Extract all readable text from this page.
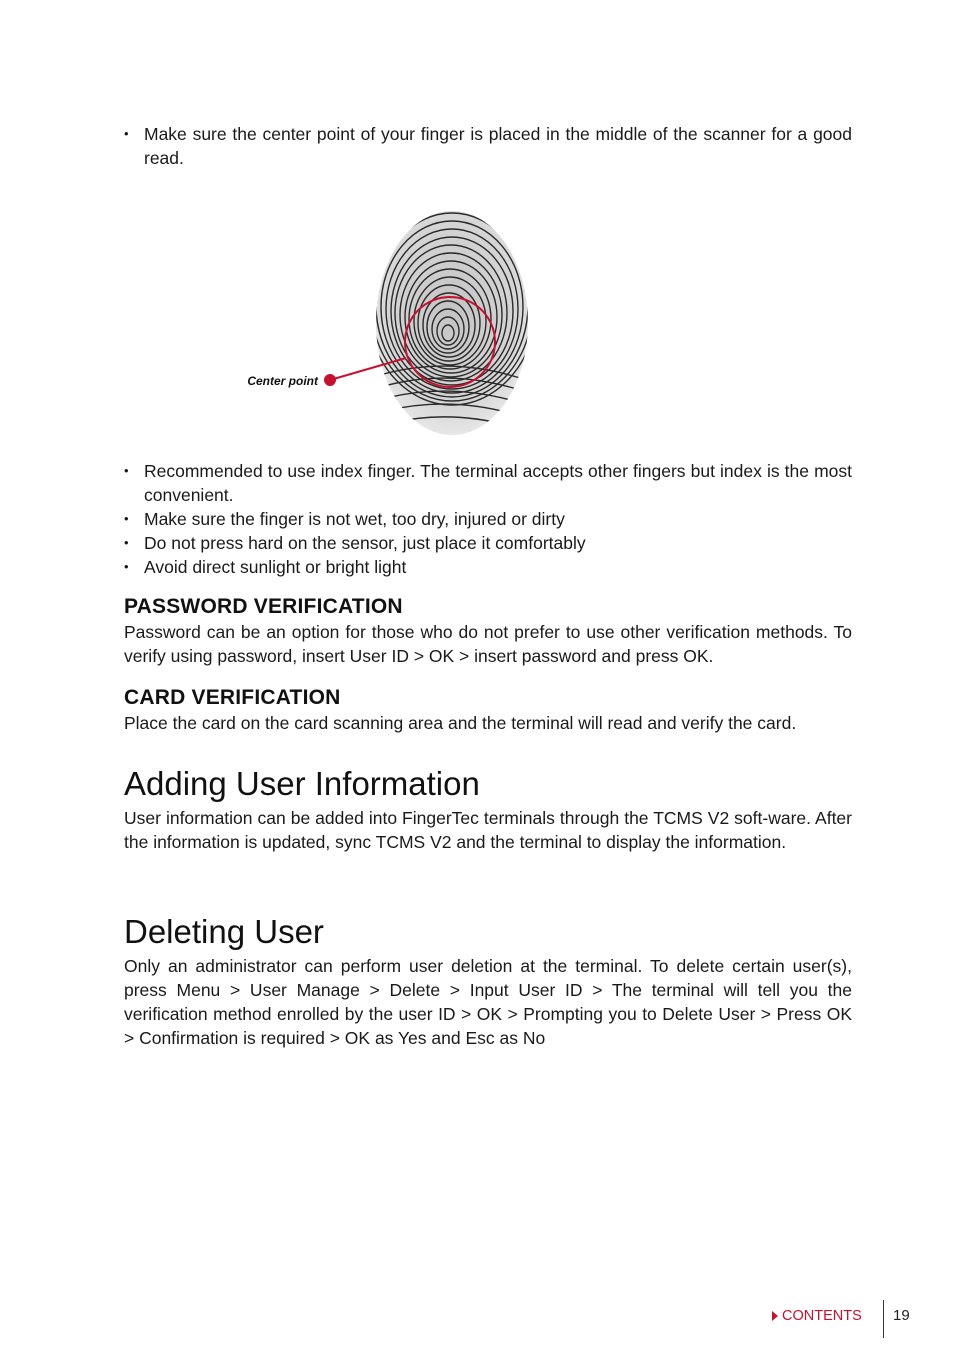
• Make sure the center point of your finger is placed in the middle of the scanner for a good read.
Center point
• Recommended to use index finger. The terminal accepts other fingers but index is the most convenient.
• Make sure the finger is not wet, too dry, injured or dirty
• Do not press hard on the sensor, just place it comfortably
• Avoid direct sunlight or bright light
PASSWORD VERIFICATION

Password can be an option for those who do not prefer to use other verification methods. To verify using password, insert User ID > OK > insert password and press OK.

CARD VERIFICATION

Place the card on the card scanning area and the terminal will read and verify the card.

Adding User Information

User information can be added into FingerTec terminals through the TCMS V2 soft-ware. After the information is updated, sync TCMS V2 and the terminal to display the information.

Deleting User

Only an administrator can perform user deletion at the terminal. To delete certain user(s), press Menu > User Manage > Delete > Input User ID > The terminal will tell you the verification method enrolled by the user ID > OK > Prompting you to Delete User > Press OK > Confirmation is required > OK as Yes and Esc as No

CONTENTS 19
